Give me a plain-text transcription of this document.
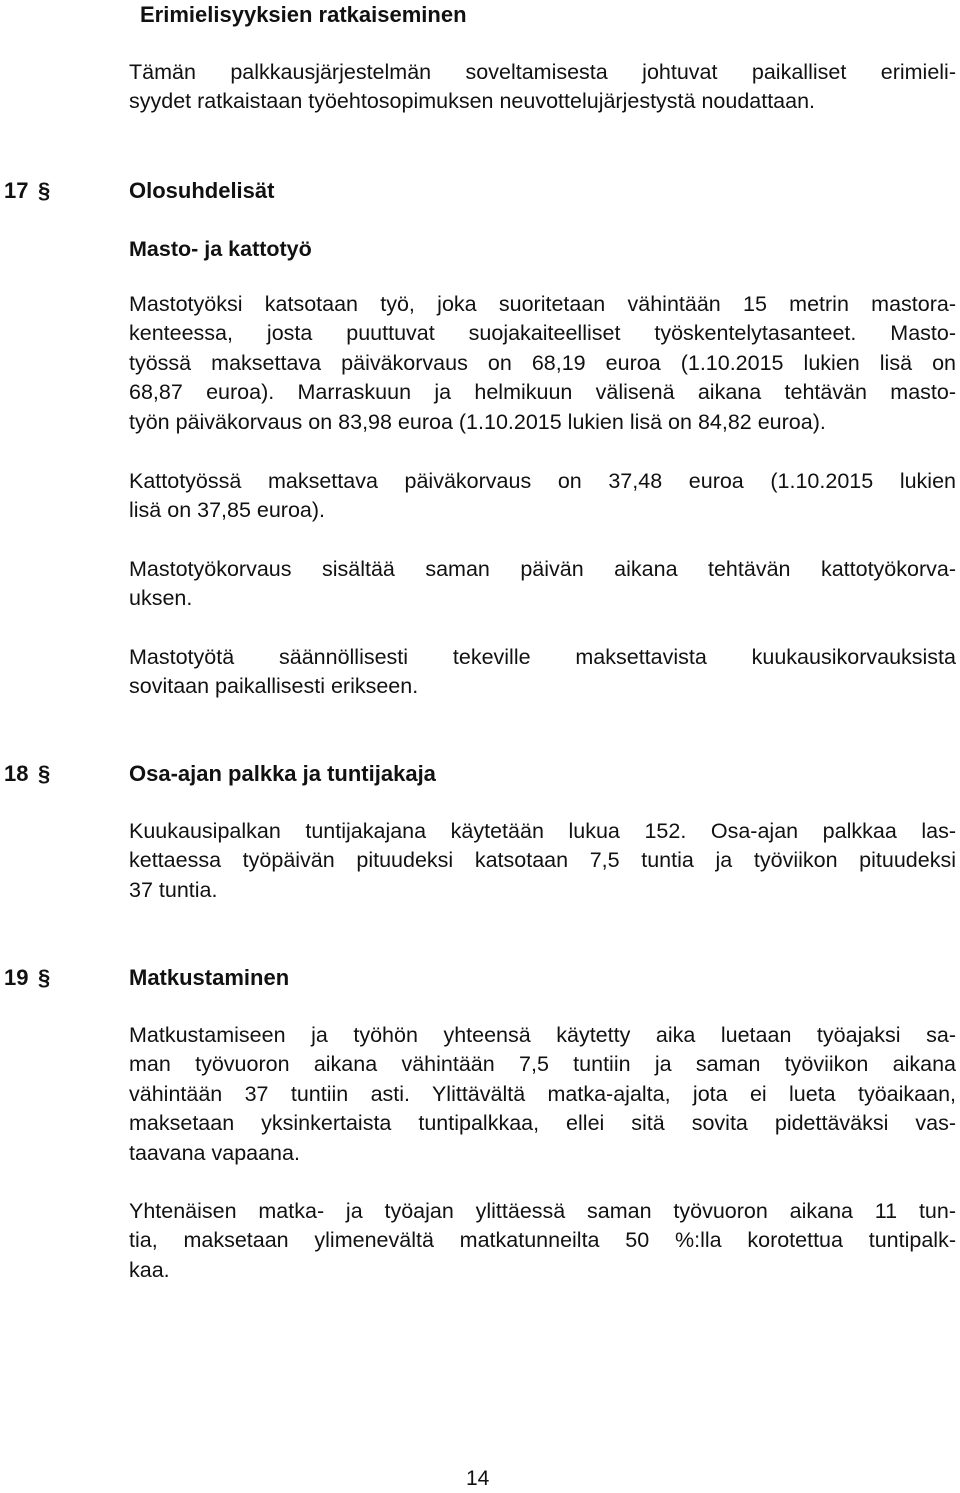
Erimielisyyksien ratkaiseminen

Tämän palkkausjärjestelmän soveltamisesta johtuvat paikalliset erimieli-
syydet ratkaistaan työehtosopimuksen neuvottelujärjestystä noudattaan.

17 §	Olosuhdelisät
Masto- ja kattotyö

Mastotyöksi katsotaan työ, joka suoritetaan vähintään 15 metrin mastora-
kenteessa, josta puuttuvat suojakaiteelliset työskentelytasanteet. Masto-
työssä maksettava päiväkorvaus on 68,19 euroa (1.10.2015 lukien lisä on
68,87 euroa). Marraskuun ja helmikuun välisenä aikana tehtävän masto-
työn päiväkorvaus on 83,98 euroa (1.10.2015 lukien lisä on 84,82 euroa).

Kattotyössä maksettava päiväkorvaus on 37,48 euroa (1.10.2015 lukien
lisä on 37,85 euroa).

Mastotyökorvaus sisältää saman päivän aikana tehtävän kattotyökorva-
uksen.

Mastotyötä säännöllisesti tekeville maksettavista kuukausikorvauksista
sovitaan paikallisesti erikseen.

18 §	Osa-ajan palkka ja tuntijakaja

Kuukausipalkan tuntijakajana käytetään lukua 152. Osa-ajan palkkaa las-
kettaessa työpäivän pituudeksi katsotaan 7,5 tuntia ja työviikon pituudeksi
37 tuntia.

19 §	Matkustaminen

Matkustamiseen ja työhön yhteensä käytetty aika luetaan työajaksi sa-
man työvuoron aikana vähintään 7,5 tuntiin ja saman työviikon aikana
vähintään 37 tuntiin asti. Ylittävältä matka-ajalta, jota ei lueta työaikaan,
maksetaan yksinkertaista tuntipalkkaa, ellei sitä sovita pidettäväksi vas-
taavana vapaana.

Yhtenäisen matka- ja työajan ylittäessä saman työvuoron aikana 11 tun-
tia, maksetaan ylimenevältä matkatunneilta 50 %:lla korotettua tuntipalk-
kaa.

14
